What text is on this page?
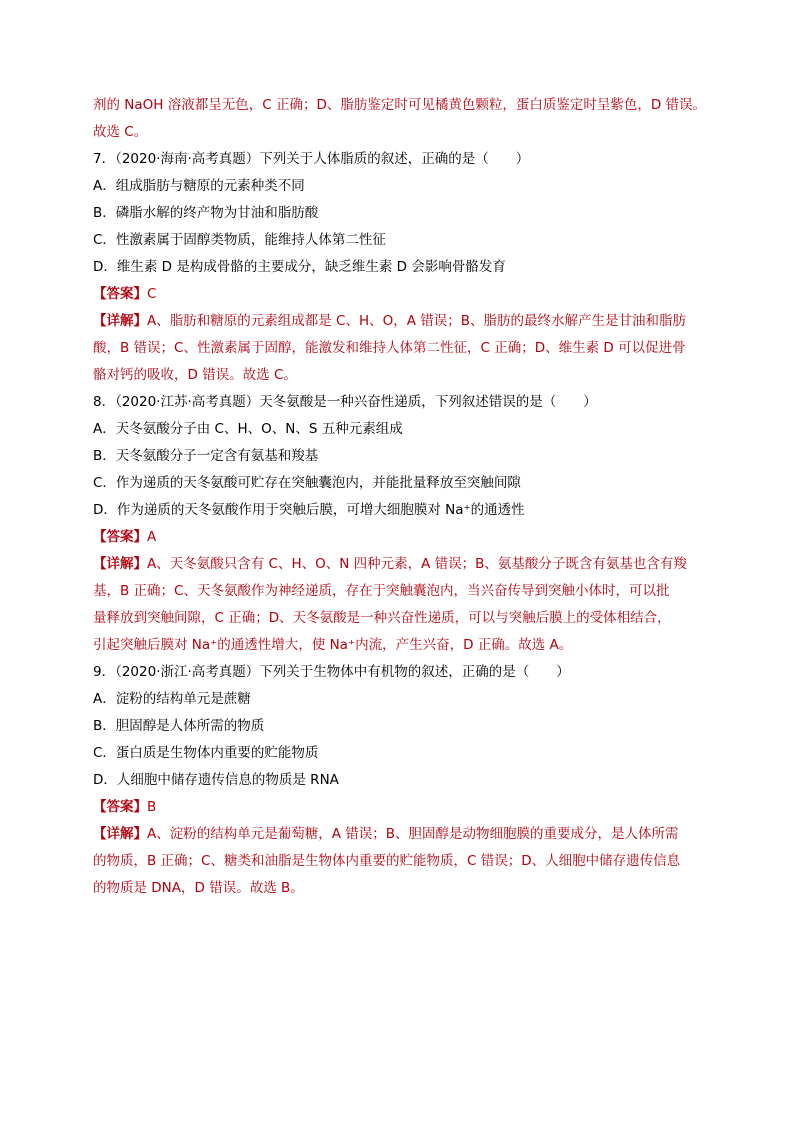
剂的 NaOH 溶液都呈无色，C 正确；D、脂肪鉴定时可见橘黄色颗粒，蛋白质鉴定时呈紫色，D 错误。
故选 C。
7．（2020·海南·高考真题）下列关于人体脂质的叙述，正确的是（　　）
A．组成脂肪与糖原的元素种类不同
B．磷脂水解的终产物为甘油和脂肪酸
C．性激素属于固醇类物质，能维持人体第二性征
D．维生素 D 是构成骨骼的主要成分，缺乏维生素 D 会影响骨骼发育
【答案】C
【详解】A、脂肪和糖原的元素组成都是 C、H、O，A 错误；B、脂肪的最终水解产生是甘油和脂肪
酸，B 错误；C、性激素属于固醇，能激发和维持人体第二性征，C 正确；D、维生素 D 可以促进骨
骼对钙的吸收，D 错误。故选 C。
8．（2020·江苏·高考真题）天冬氨酸是一种兴奋性递质，下列叙述错误的是（　　）
A．天冬氨酸分子由 C、H、O、N、S 五种元素组成
B．天冬氨酸分子一定含有氨基和羧基
C．作为递质的天冬氨酸可贮存在突触囊泡内，并能批量释放至突触间隙
D．作为递质的天冬氨酸作用于突触后膜，可增大细胞膜对 Na⁺的通透性
【答案】A
【详解】A、天冬氨酸只含有 C、H、O、N 四种元素，A 错误；B、氨基酸分子既含有氨基也含有羧
基，B 正确；C、天冬氨酸作为神经递质，存在于突触囊泡内，当兴奋传导到突触小体时，可以批
量释放到突触间隙，C 正确；D、天冬氨酸是一种兴奋性递质，可以与突触后膜上的受体相结合，
引起突触后膜对 Na⁺的通透性增大，使 Na⁺内流，产生兴奋，D 正确。故选 A。
9．（2020·浙江·高考真题）下列关于生物体中有机物的叙述，正确的是（　　）
A．淀粉的结构单元是蔗糖
B．胆固醇是人体所需的物质
C．蛋白质是生物体内重要的贮能物质
D．人细胞中储存遗传信息的物质是 RNA
【答案】B
【详解】A、淀粉的结构单元是葡萄糖，A 错误；B、胆固醇是动物细胞膜的重要成分，是人体所需
的物质，B 正确；C、糖类和油脂是生物体内重要的贮能物质，C 错误；D、人细胞中储存遗传信息
的物质是 DNA，D 错误。故选 B。
